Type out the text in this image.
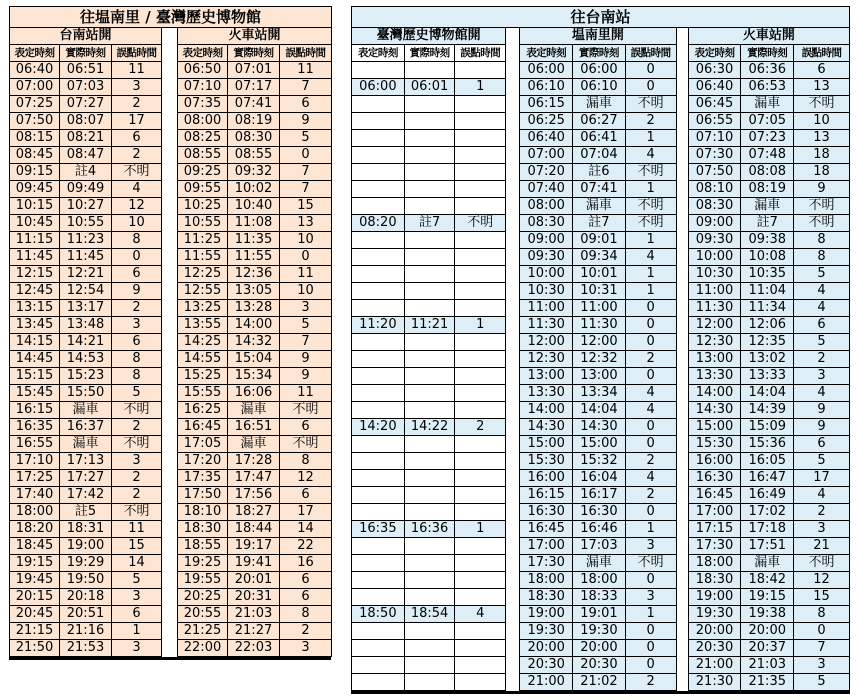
往塭南里 / 臺灣歷史博物館						
台南站開				火車站開		
表定時刻	實際時刻	誤點時間		表定時刻	實際時刻	誤點時間
06:40	06:51	11		06:50	07:01	11
07:00	07:03	3		07:10	07:17	7
07:25	07:27	2		07:35	07:41	6
07:50	08:07	17		08:00	08:19	9
08:15	08:21	6		08:25	08:30	5
08:45	08:47	2		08:55	08:55	0
09:15	註4	不明		09:25	09:32	7
09:45	09:49	4		09:55	10:02	7
10:15	10:27	12		10:25	10:40	15
10:45	10:55	10		10:55	11:08	13
11:15	11:23	8		11:25	11:35	10
11:45	11:45	0		11:55	11:55	0
12:15	12:21	6		12:25	12:36	11
12:45	12:54	9		12:55	13:05	10
13:15	13:17	2		13:25	13:28	3
13:45	13:48	3		13:55	14:00	5
14:15	14:21	6		14:25	14:32	7
14:45	14:53	8		14:55	15:04	9
15:15	15:23	8		15:25	15:34	9
15:45	15:50	5		15:55	16:06	11
16:15	漏車	不明		16:25	漏車	不明
16:35	16:37	2		16:45	16:51	6
16:55	漏車	不明		17:05	漏車	不明
17:10	17:13	3		17:20	17:28	8
17:25	17:27	2		17:35	17:47	12
17:40	17:42	2		17:50	17:56	6
18:00	註5	不明		18:10	18:27	17
18:20	18:31	11		18:30	18:44	14
18:45	19:00	15		18:55	19:17	22
19:15	19:29	14		19:25	19:41	16
19:45	19:50	5		19:55	20:01	6
20:15	20:18	3		20:25	20:31	6
20:45	20:51	6		20:55	21:03	8
21:15	21:16	1		21:25	21:27	2
21:50	21:53	3		22:00	22:03	3
往台南站										
臺灣歷史博物館開				塭南里開				火車站開		
表定時刻	實際時刻	誤點時間		表定時刻	實際時刻	誤點時間		表定時刻	實際時刻	誤點時間
				06:00	06:00	0		06:30	06:36	6
06:00	06:01	1		06:10	06:10	0		06:40	06:53	13
				06:15	漏車	不明		06:45	漏車	不明
				06:25	06:27	2		06:55	07:05	10
				06:40	06:41	1		07:10	07:23	13
				07:00	07:04	4		07:30	07:48	18
				07:20	註6	不明		07:50	08:08	18
				07:40	07:41	1		08:10	08:19	9
				08:00	漏車	不明		08:30	漏車	不明
08:20	註7	不明		08:30	註7	不明		09:00	註7	不明
				09:00	09:01	1		09:30	09:38	8
				09:30	09:34	4		10:00	10:08	8
				10:00	10:01	1		10:30	10:35	5
				10:30	10:31	1		11:00	11:04	4
				11:00	11:00	0		11:30	11:34	4
11:20	11:21	1		11:30	11:30	0		12:00	12:06	6
				12:00	12:00	0		12:30	12:35	5
				12:30	12:32	2		13:00	13:02	2
				13:00	13:00	0		13:30	13:33	3
				13:30	13:34	4		14:00	14:04	4
				14:00	14:04	4		14:30	14:39	9
14:20	14:22	2		14:30	14:30	0		15:00	15:09	9
				15:00	15:00	0		15:30	15:36	6
				15:30	15:32	2		16:00	16:05	5
				16:00	16:04	4		16:30	16:47	17
				16:15	16:17	2		16:45	16:49	4
				16:30	16:30	0		17:00	17:02	2
16:35	16:36	1		16:45	16:46	1		17:15	17:18	3
				17:00	17:03	3		17:30	17:51	21
				17:30	漏車	不明		18:00	漏車	不明
				18:00	18:00	0		18:30	18:42	12
				18:30	18:33	3		19:00	19:15	15
18:50	18:54	4		19:00	19:01	1		19:30	19:38	8
				19:30	19:30	0		20:00	20:00	0
				20:00	20:00	0		20:30	20:37	7
				20:30	20:30	0		21:00	21:03	3
				21:00	21:02	2		21:30	21:35	5
